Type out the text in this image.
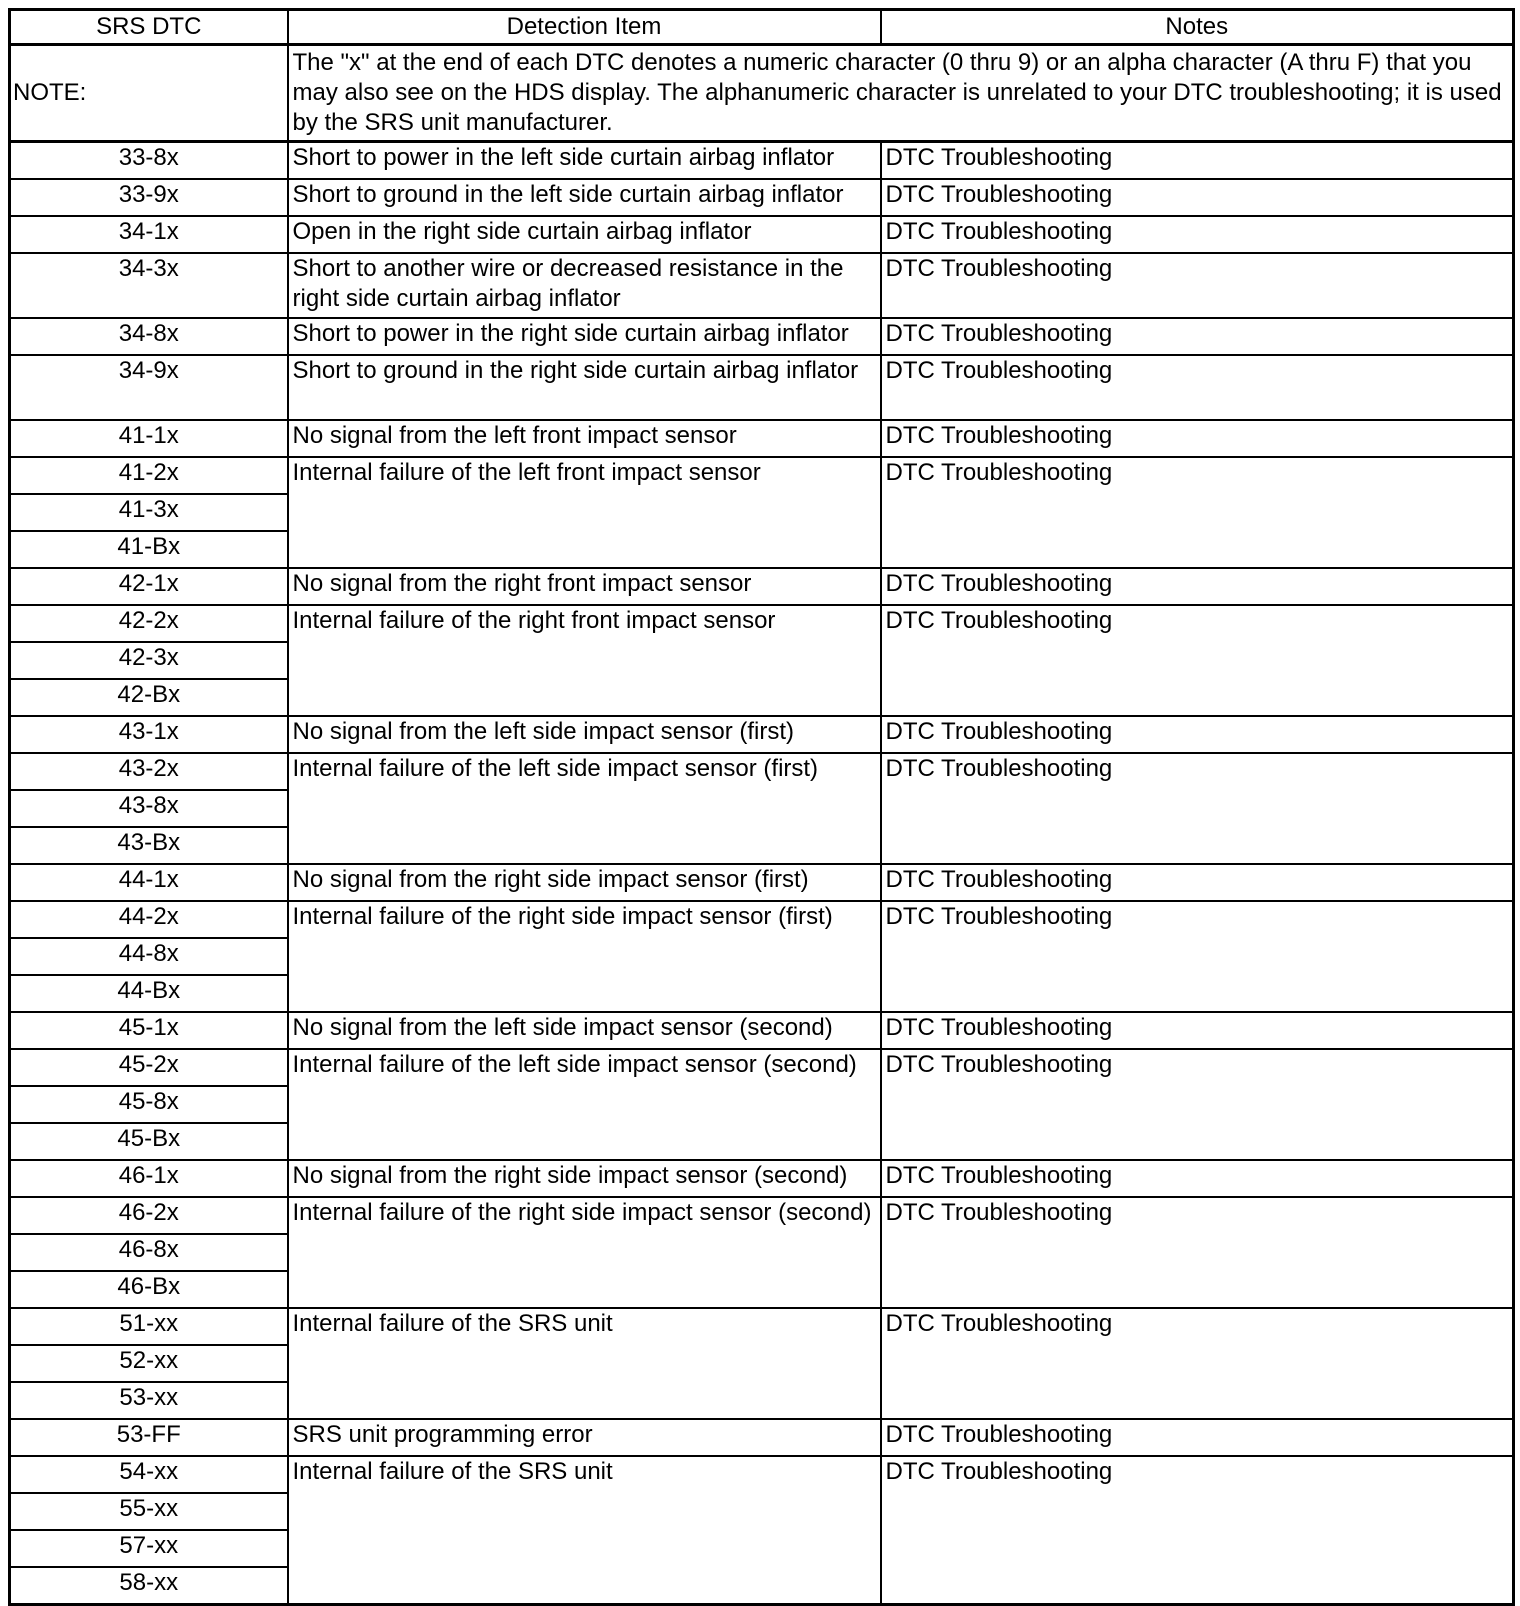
SRS DTC	Detection Item	Notes
NOTE:	The "x" at the end of each DTC denotes a numeric character (0 thru 9) or an alpha character (A thru F) that you may also see on the HDS display. The alphanumeric character is unrelated to your DTC troubleshooting; it is used by the SRS unit manufacturer.	
33-8x	Short to power in the left side curtain airbag inflator	DTC Troubleshooting
33-9x	Short to ground in the left side curtain airbag inflator	DTC Troubleshooting
34-1x	Open in the right side curtain airbag inflator	DTC Troubleshooting
34-3x	Short to another wire or decreased resistance in the right side curtain airbag inflator	DTC Troubleshooting
34-8x	Short to power in the right side curtain airbag inflator	DTC Troubleshooting
34-9x	Short to ground in the right side curtain airbag inflator	DTC Troubleshooting
41-1x	No signal from the left front impact sensor	DTC Troubleshooting
41-2x	Internal failure of the left front impact sensor	DTC Troubleshooting
41-3x		
41-Bx		
42-1x	No signal from the right front impact sensor	DTC Troubleshooting
42-2x	Internal failure of the right front impact sensor	DTC Troubleshooting
42-3x		
42-Bx		
43-1x	No signal from the left side impact sensor (first)	DTC Troubleshooting
43-2x	Internal failure of the left side impact sensor (first)	DTC Troubleshooting
43-8x		
43-Bx		
44-1x	No signal from the right side impact sensor (first)	DTC Troubleshooting
44-2x	Internal failure of the right side impact sensor (first)	DTC Troubleshooting
44-8x		
44-Bx		
45-1x	No signal from the left side impact sensor (second)	DTC Troubleshooting
45-2x	Internal failure of the left side impact sensor (second)	DTC Troubleshooting
45-8x		
45-Bx		
46-1x	No signal from the right side impact sensor (second)	DTC Troubleshooting
46-2x	Internal failure of the right side impact sensor (second)	DTC Troubleshooting
46-8x		
46-Bx		
51-xx	Internal failure of the SRS unit	DTC Troubleshooting
52-xx		
53-xx		
53-FF	SRS unit programming error	DTC Troubleshooting
54-xx	Internal failure of the SRS unit	DTC Troubleshooting
55-xx		
57-xx		
58-xx		
